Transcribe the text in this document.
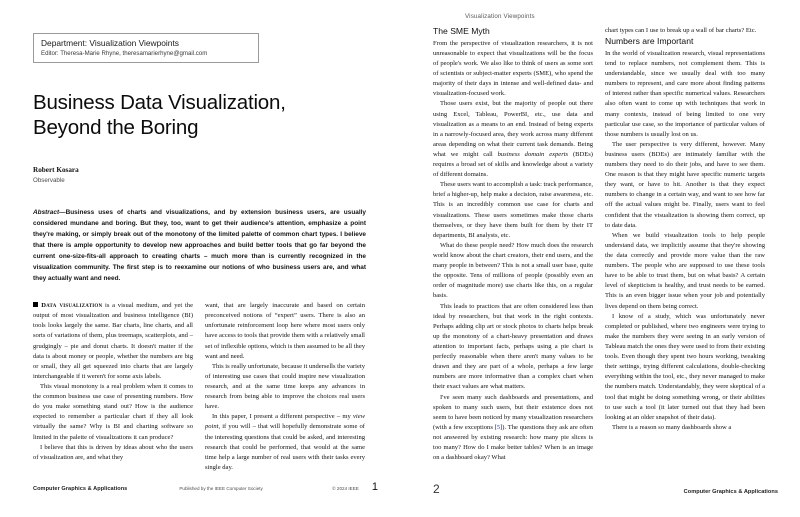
Department: Visualization Viewpoints
Editor: Theresa-Marie Rhyne, theresamarierhyne@gmail.com
Business Data Visualization,
Beyond the Boring
Robert Kosara
Observable
Abstract—Business uses of charts and visualizations, and by extension business users, are usually considered mundane and boring. But they, too, want to get their audience's attention, emphasize a point they're making, or simply break out of the monotony of the limited palette of common chart types. I believe that there is ample opportunity to develop new approaches and build better tools that go far beyond the current one-size-fits-all approach to creating charts – much more than is currently recognized in the visualization community. The first step is to reexamine our notions of who business users are, and what they actually want and need.

Data visualization is a visual medium, and yet the output of most visualization and business intelligence (BI) tools looks largely the same. Bar charts, line charts, and all sorts of variations of them, plus treemaps, scatterplots, and – grudgingly – pie and donut charts. It doesn't matter if the data is about money or people, whether the numbers are big or small, they all get squeezed into charts that are largely interchangeable if it weren't for some axis labels.

This visual monotony is a real problem when it comes to the common business use case of presenting numbers. How do you make something stand out? How is the audience expected to remember a particular chart if they all look virtually the same? Why is BI and charting software so limited in the palette of visualizations it can produce?

I believe that this is driven by ideas about who the users of visualization are, and what they

want, that are largely inaccurate and based on certain preconceived notions of “expert” users. There is also an unfortunate reinforcement loop here where most users only have access to tools that provide them with a relatively small set of inflexible options, which is then assumed to be all they want and need.

This is really unfortunate, because it undersells the variety of interesting use cases that could inspire new visualization research, and at the same time keeps any advances in research from being able to improve the choices real users have.

In this paper, I present a different perspective – my view point, if you will – that will hopefully demonstrate some of the interesting questions that could be asked, and interesting research that could be performed, that would at the same time help a large number of real users with their tasks every single day.

Computer Graphics & Applications	Published by the IEEE Computer Society	© 2024 IEEE 1
Visualization Viewpoints
The SME Myth

From the perspective of visualization researchers, it is not unreasonable to expect that visualizations will be the focus of people's work. We also like to think of users as some sort of scientists or subject-matter experts (SME), who spend the majority of their days in intense and well-defined data- and visualization-focused work.

Those users exist, but the majority of people out there using Excel, Tableau, PowerBI, etc., use data and visualization as a means to an end. Instead of being experts in a narrowly-focused area, they work across many different areas depending on what their current task demands. Being what we might call business domain experts (BDEs) requires a broad set of skills and knowledge about a variety of different domains.

These users want to accomplish a task: track performance, brief a higher-up, help make a decision, raise awareness, etc. This is an incredibly common use case for charts and visualizations. These users sometimes make those charts themselves, or they have them built for them by their IT departments, BI analysts, etc.

What do these people need? How much does the research world know about the chart creators, their end users, and the many people in between? This is not a small user base, quite the opposite. Tens of millions of people (possibly even an order of magnitude more) use charts like this, on a regular basis.

This leads to practices that are often considered less than ideal by researchers, but that work in the right contexts. Perhaps adding clip art or stock photos to charts helps break up the monotony of a chart-heavy presentation and draws attention to important facts, perhaps using a pie chart is perfectly reasonable when there aren't many values to be drawn and they are part of a whole, perhaps a few large numbers are more informative than a complex chart when their exact values are what matters.

I've seen many such dashboards and presentations, and spoken to many such users, but their existence does not seem to have been noticed by many visualization researchers (with a few exceptions [5]). The questions they ask are often not answered by existing research: how many pie slices is too many? How do I make better tables? When is an image on a dashboard okay? What

chart types can I use to break up a wall of bar charts? Etc.

Numbers are Important

In the world of visualization research, visual representations tend to replace numbers, not complement them. This is understandable, since we usually deal with too many numbers to represent, and care more about finding patterns of interest rather than specific numerical values. Researchers also often want to come up with techniques that work in many contexts, instead of being limited to one very particular use case, so the importance of particular values of those numbers is usually lost on us.

The user perspective is very different, however. Many business users (BDEs) are intimately familiar with the numbers they need to do their jobs, and have to see them. One reason is that they might have specific numeric targets they want, or have to hit. Another is that they expect numbers to change in a certain way, and want to see how far off the actual values might be. Finally, users want to feel confident that the visualization is showing them correct, up to date data.

When we build visualization tools to help people understand data, we implicitly assume that they're showing the data correctly and provide more value than the raw numbers. The people who are supposed to use these tools have to be able to trust them, but on what basis? A certain level of skepticism is healthy, and trust needs to be earned. This is an even bigger issue when your job and potentially lives depend on them being correct.

I know of a study, which was unfortunately never completed or published, where two engineers were trying to make the numbers they were seeing in an early version of Tableau match the ones they were used to from their existing tools. Even though they spent two hours working, tweaking their settings, trying different calculations, double-checking everything within the tool, etc., they never managed to make the numbers match. Understandably, they were skeptical of a tool that might be doing something wrong, or their abilities to use such a tool (it later turned out that they had been looking at an older snapshot of their data).

There is a reason so many dashboards show a

2	Computer Graphics & Applications
